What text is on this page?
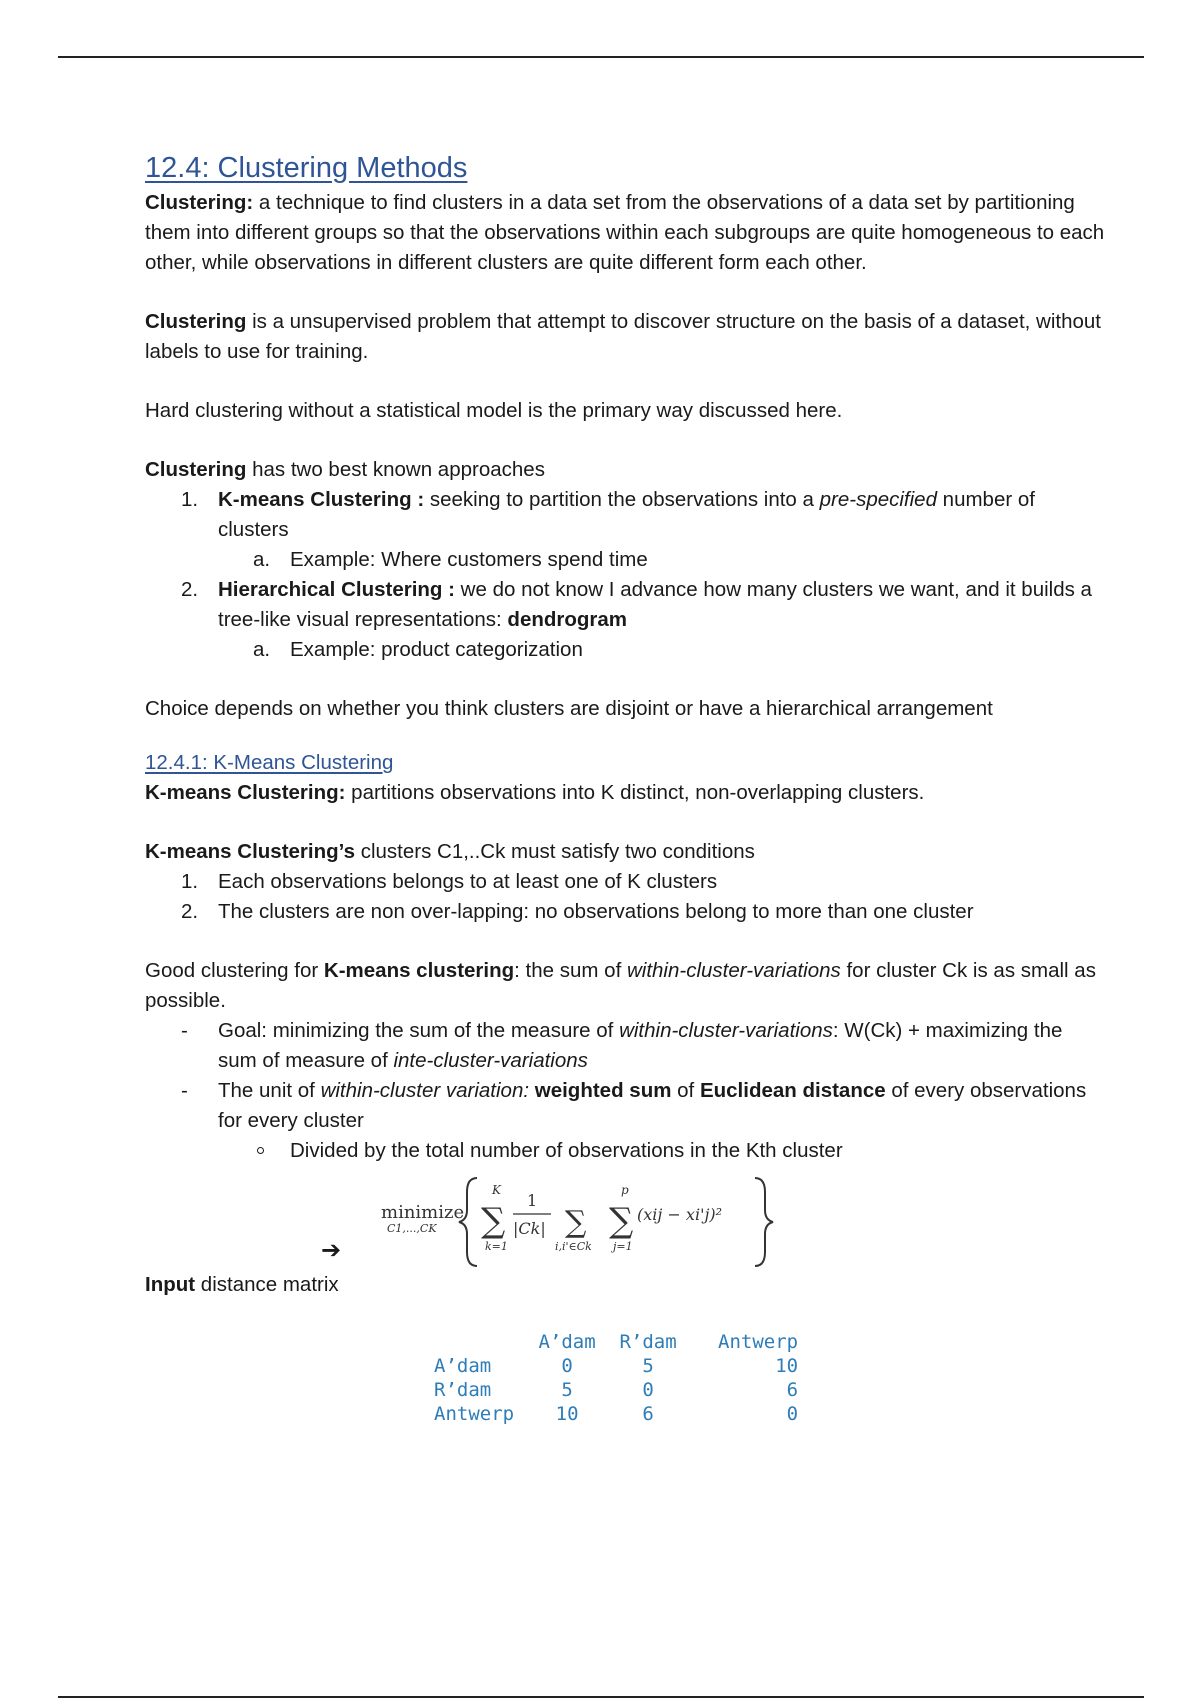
12.4: Clustering Methods

Clustering: a technique to find clusters in a data set from the observations of a data set by partitioning them into different groups so that the observations within each subgroups are quite homogeneous to each other, while observations in different clusters are quite different form each other.

Clustering is a unsupervised problem that attempt to discover structure on the basis of a dataset, without labels to use for training.

Hard clustering without a statistical model is the primary way discussed here.

Clustering has two best known approaches

1. K-means Clustering : seeking to partition the observations into a pre-specified number of clusters
a. Example: Where customers spend time
2. Hierarchical Clustering : we do not know I advance how many clusters we want, and it builds a tree-like visual representations: dendrogram
a. Example: product categorization

Choice depends on whether you think clusters are disjoint or have a hierarchical arrangement

12.4.1: K-Means Clustering

K-means Clustering: partitions observations into K distinct, non-overlapping clusters.

K-means Clustering’s clusters C1,..Ck must satisfy two conditions

1. Each observations belongs to at least one of K clusters
2. The clusters are non over-lapping: no observations belong to more than one cluster

Good clustering for K-means clustering: the sum of within-cluster-variations for cluster Ck is as small as possible.

- Goal: minimizing the sum of the measure of within-cluster-variations: W(Ck) + maximizing the sum of measure of inte-cluster-variations
- The unit of within-cluster variation: weighted sum of Euclidean distance of every observations for every cluster
Divided by the total number of observations in the Kth cluster
minimize
C1,...,CK
K
∑
k=1
1
|Ck| ∑
i,i'∈Ck
p
∑
j=1
(xij − xi'j)²
➔

Input distance matrix

	A’dam	R’dam	Antwerp
A’dam	0	5	10
R’dam	5	0	6
Antwerp	10	6	0
